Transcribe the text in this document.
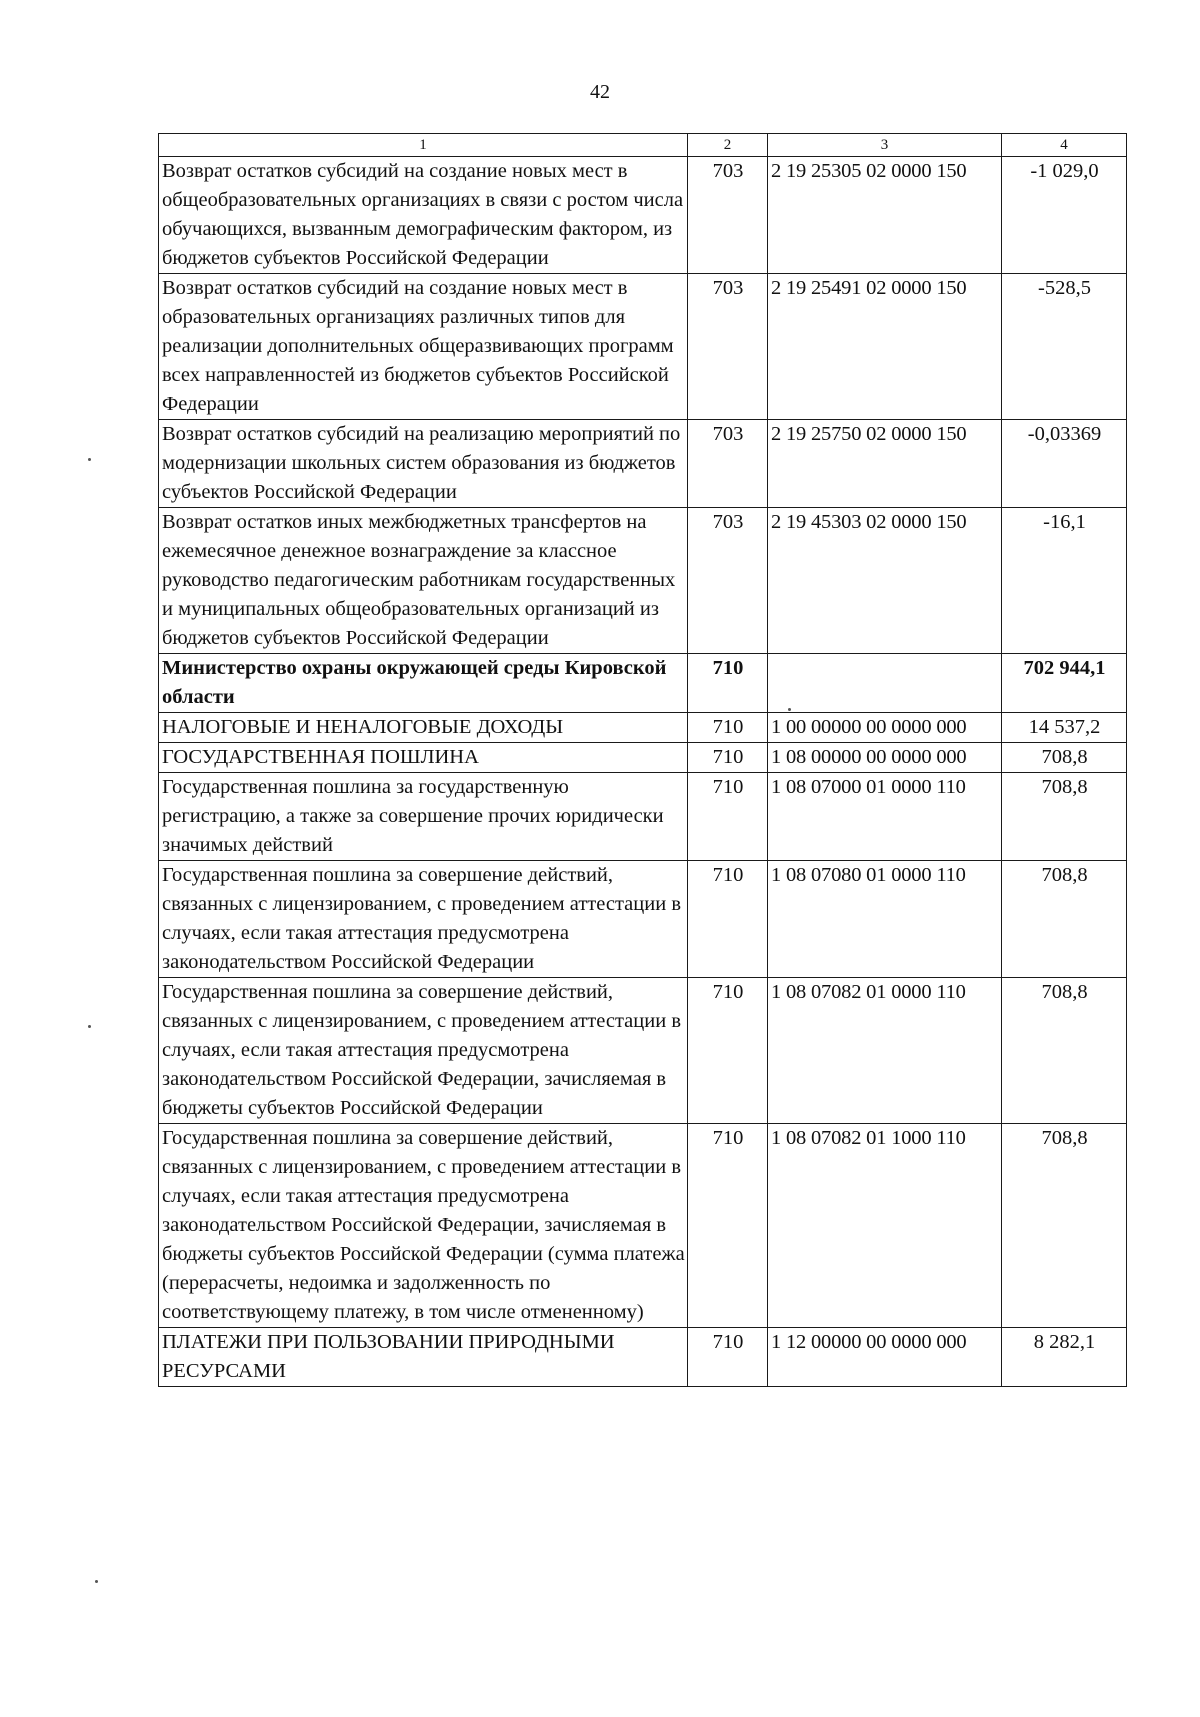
42
1	2	3	4
Возврат остатков субсидий на создание новых мест в общеобразовательных организациях в связи с ростом числа обучающихся, вызванным демографическим фактором, из бюджетов субъектов Российской Федерации	703	2 19 25305 02 0000 150	-1 029,0
Возврат остатков субсидий на создание новых мест в образовательных организациях различных типов для реализации дополнительных общеразвивающих программ всех направленностей из бюджетов субъектов Российской Федерации	703	2 19 25491 02 0000 150	-528,5
Возврат остатков субсидий на реализацию мероприятий по модернизации школьных систем образования из бюджетов субъектов Российской Федерации	703	2 19 25750 02 0000 150	-0,03369
Возврат остатков иных межбюджетных трансфертов на ежемесячное денежное вознаграждение за классное руководство педагогическим работникам государственных и муниципальных общеобразовательных организаций из бюджетов субъектов Российской Федерации	703	2 19 45303 02 0000 150	-16,1
Министерство охраны окружающей среды Кировской области	710		702 944,1
НАЛОГОВЫЕ И НЕНАЛОГОВЫЕ ДОХОДЫ	710	1 00 00000 00 0000 000	14 537,2
ГОСУДАРСТВЕННАЯ ПОШЛИНА	710	1 08 00000 00 0000 000	708,8
Государственная пошлина за государственную регистрацию, а также за совершение прочих юридически значимых действий	710	1 08 07000 01 0000 110	708,8
Государственная пошлина за совершение действий, связанных с лицензированием, с проведением аттестации в случаях, если такая аттестация предусмотрена законодательством Российской Федерации	710	1 08 07080 01 0000 110	708,8
Государственная пошлина за совершение действий, связанных с лицензированием, с проведением аттестации в случаях, если такая аттестация предусмотрена законодательством Российской Федерации, зачисляемая в бюджеты субъектов Российской Федерации	710	1 08 07082 01 0000 110	708,8
Государственная пошлина за совершение действий, связанных с лицензированием, с проведением аттестации в случаях, если такая аттестация предусмотрена законодательством Российской Федерации, зачисляемая в бюджеты субъектов Российской Федерации (сумма платежа (перерасчеты, недоимка и задолженность по соответствующему платежу, в том числе отмененному)	710	1 08 07082 01 1000 110	708,8
ПЛАТЕЖИ ПРИ ПОЛЬЗОВАНИИ ПРИРОДНЫМИ РЕСУРСАМИ	710	1 12 00000 00 0000 000	8 282,1
